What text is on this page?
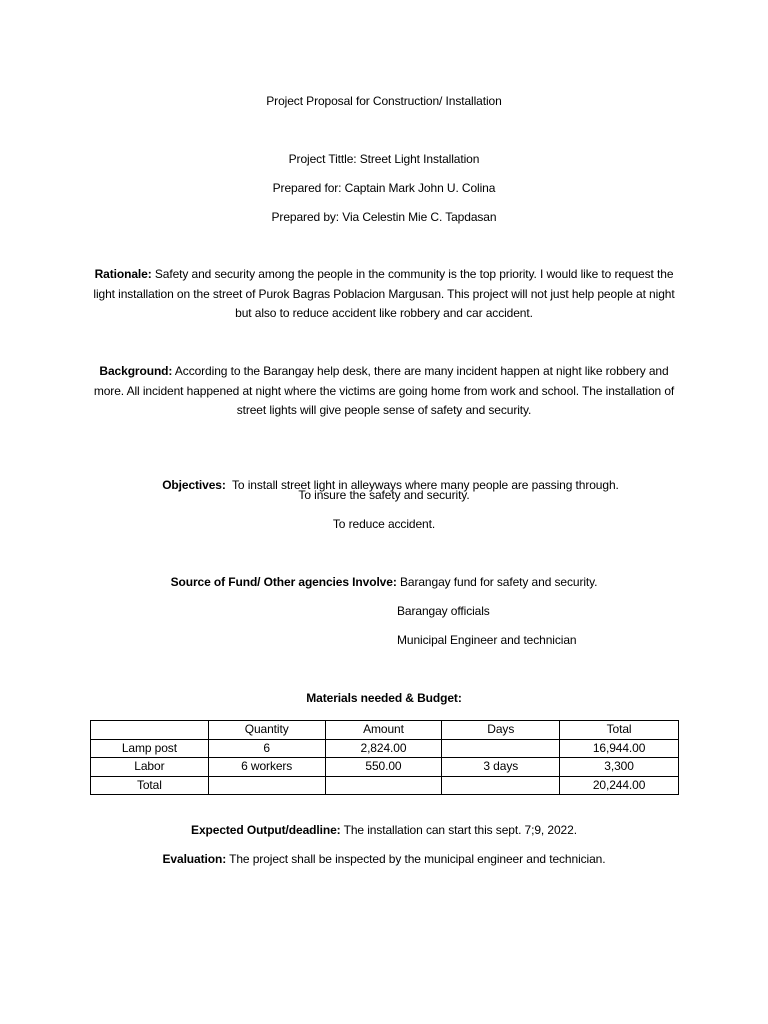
Project Proposal for Construction/ Installation
Project Tittle: Street Light Installation
Prepared for: Captain Mark John U. Colina
Prepared by: Via Celestin Mie C. Tapdasan
Rationale: Safety and security among the people in the community is the top priority. I would like to request the light installation on the street of Purok Bagras Poblacion Margusan. This project will not just help people at night but also to reduce accident like robbery and car accident.
Background: According to the Barangay help desk, there are many incident happen at night like robbery and more. All incident happened at night where the victims are going home from work and school. The installation of street lights will give people sense of safety and security.

Objectives:  To install street light in alleyways where many people are passing through.

To insure the safety and security.
To reduce accident.
Source of Fund/ Other agencies Involve: Barangay fund for safety and security.
Barangay officials
Municipal Engineer and technician
Materials needed & Budget:
	Quantity	Amount	Days	Total
Lamp post	6	2,824.00		16,944.00
Labor	6 workers	550.00	3 days	3,300
Total				20,244.00
Expected Output/deadline: The installation can start this sept. 7;9, 2022.
Evaluation: The project shall be inspected by the municipal engineer and technician.
